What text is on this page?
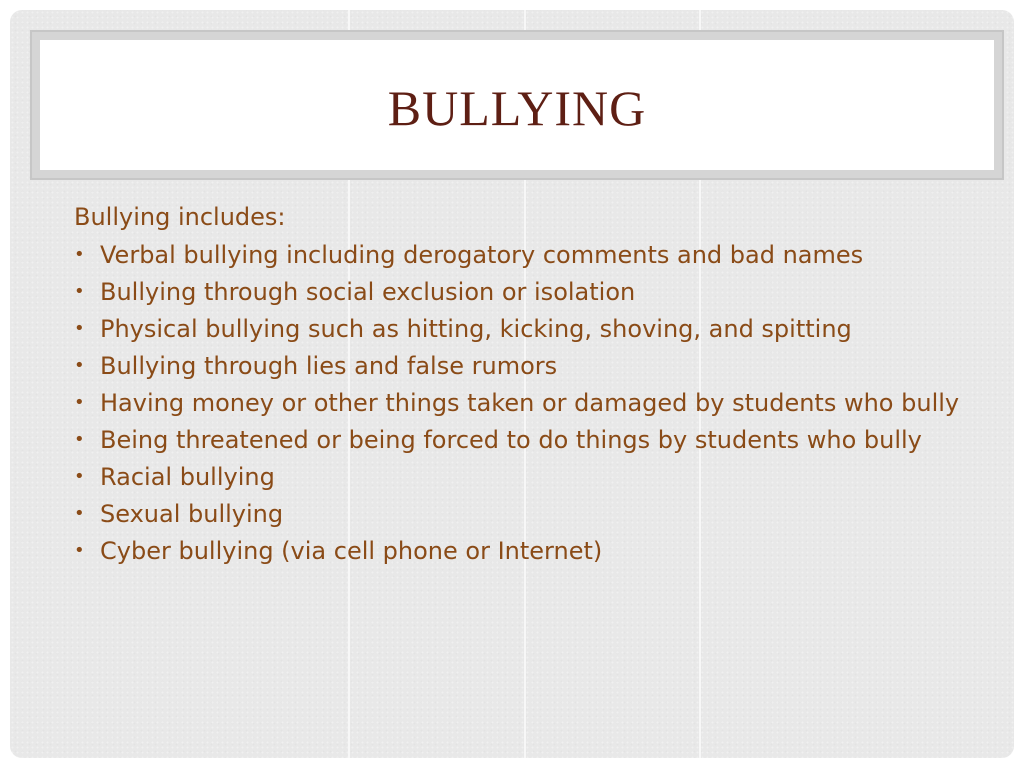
BULLYING
Bullying includes:
• Verbal bullying including derogatory comments and bad names
• Bullying through social exclusion or isolation
• Physical bullying such as hitting, kicking, shoving, and spitting
• Bullying through lies and false rumors
• Having money or other things taken or damaged by students who bully
• Being threatened or being forced to do things by students who bully
• Racial bullying
• Sexual bullying
• Cyber bullying (via cell phone or Internet)
